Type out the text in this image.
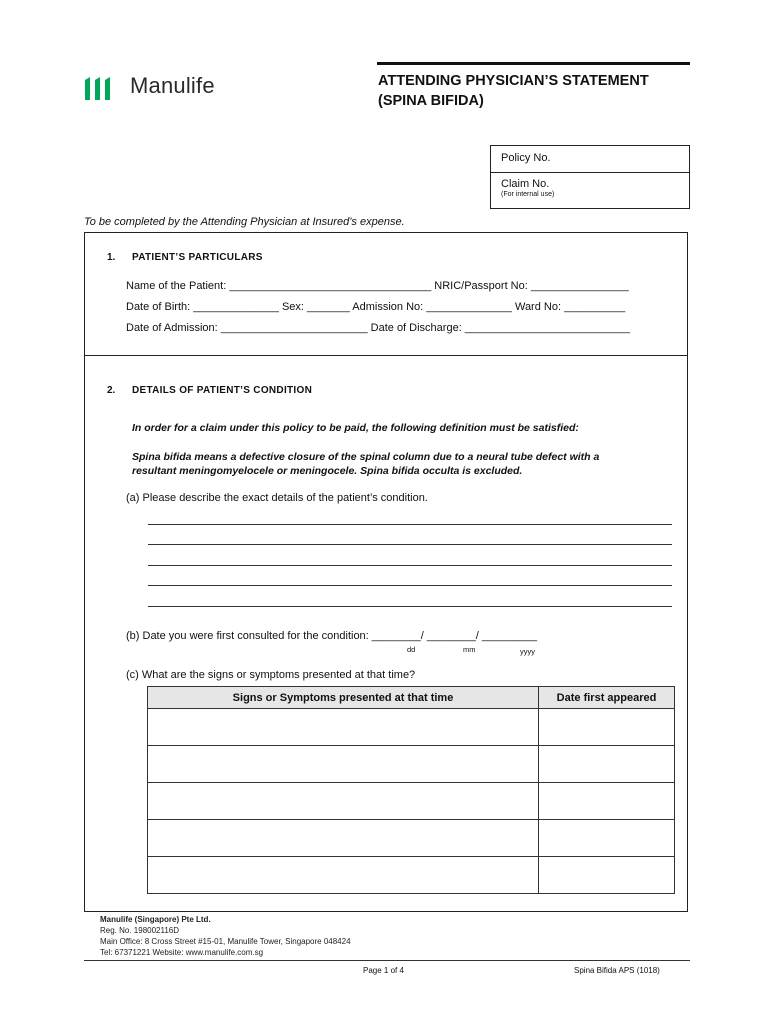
Manulife	ATTENDING PHYSICIAN’S STATEMENT
(SPINA BIFIDA)
Policy No.
Claim No.
(For internal use)
To be completed by the Attending Physician at Insured’s expense.
1. PATIENT’S PARTICULARS
Name of the Patient: _________________________________ NRIC/Passport No: ________________
Date of Birth: ______________ Sex: _______ Admission No: ______________ Ward No: __________
Date of Admission: ________________________ Date of Discharge: ___________________________
2. DETAILS OF PATIENT’S CONDITION
In order for a claim under this policy to be paid, the following definition must be satisfied:
Spina bifida means a defective closure of the spinal column due to a neural tube defect with a
resultant meningomyelocele or meningocele. Spina bifida occulta is excluded.
(a) Please describe the exact details of the patient’s condition.
(b) Date you were first consulted for the condition: ________/ ________/ _________
dd	mm	yyyy
(c) What are the signs or symptoms presented at that time?
Signs or Symptoms presented at that time	Date first appeared

Manulife (Singapore) Pte Ltd.
Reg. No. 198002116D
Main Office: 8 Cross Street #15-01, Manulife Tower, Singapore 048424
Tel: 67371221 Website: www.manulife.com.sg
Page 1 of 4	Spina Bifida APS (1018)
